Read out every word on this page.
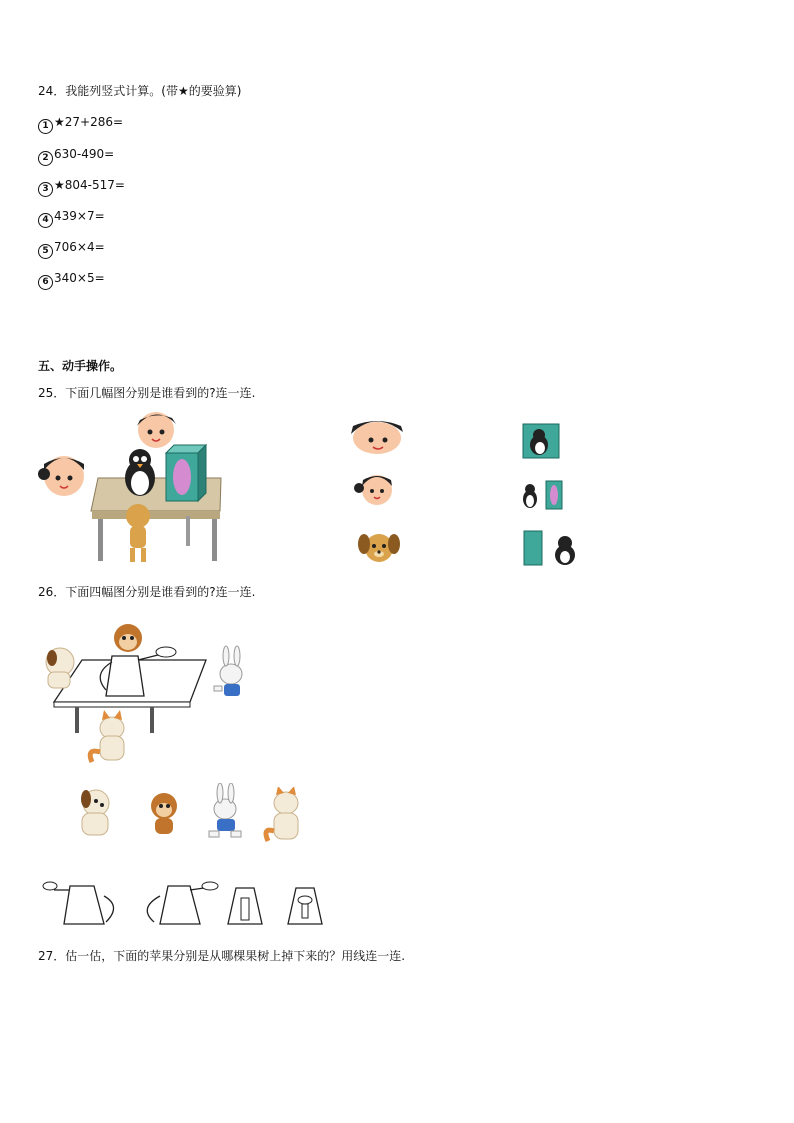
24．我能列竖式计算。(带★的要验算)
1 ★27+286=
2 630-490=
3 ★804-517=
4 439×7=
5 706×4=
6 340×5=
五、动手操作。
25．下面几幅图分别是谁看到的?连一连.
26．下面四幅图分别是谁看到的?连一连.
27．估一估，下面的苹果分别是从哪棵果树上掉下来的？用线连一连.
